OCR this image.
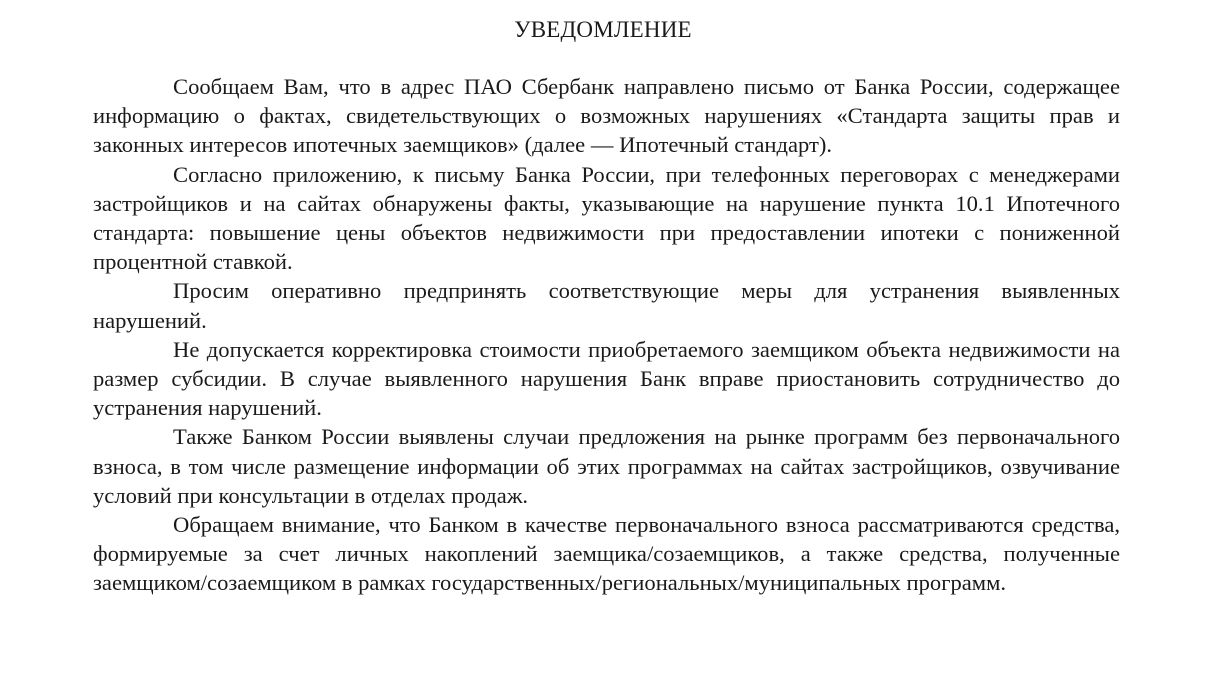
УВЕДОМЛЕНИЕ

Сообщаем Вам, что в адрес ПАО Сбербанк направлено письмо от Банка России, содержащее информацию о фактах, свидетельствующих о возможных нарушениях «Стандарта защиты прав и законных интересов ипотечных заемщиков» (далее — Ипотечный стандарт).

Согласно приложению, к письму Банка России, при телефонных переговорах с менеджерами застройщиков и на сайтах обнаружены факты, указывающие на нарушение пункта 10.1 Ипотечного стандарта: повышение цены объектов недвижимости при предоставлении ипотеки с пониженной процентной ставкой.

Просим оперативно предпринять соответствующие меры для устранения выявленных нарушений.

Не допускается корректировка стоимости приобретаемого заемщиком объекта недвижимости на размер субсидии. В случае выявленного нарушения Банк вправе приостановить сотрудничество до устранения нарушений.

Также Банком России выявлены случаи предложения на рынке программ без первоначального взноса, в том числе размещение информации об этих программах на сайтах застройщиков, озвучивание условий при консультации в отделах продаж.

Обращаем внимание, что Банком в качестве первоначального взноса рассматриваются средства, формируемые за счет личных накоплений заемщика/созаемщиков, а также средства, полученные заемщиком/созаемщиком в рамках государственных/региональных/муниципальных программ.
